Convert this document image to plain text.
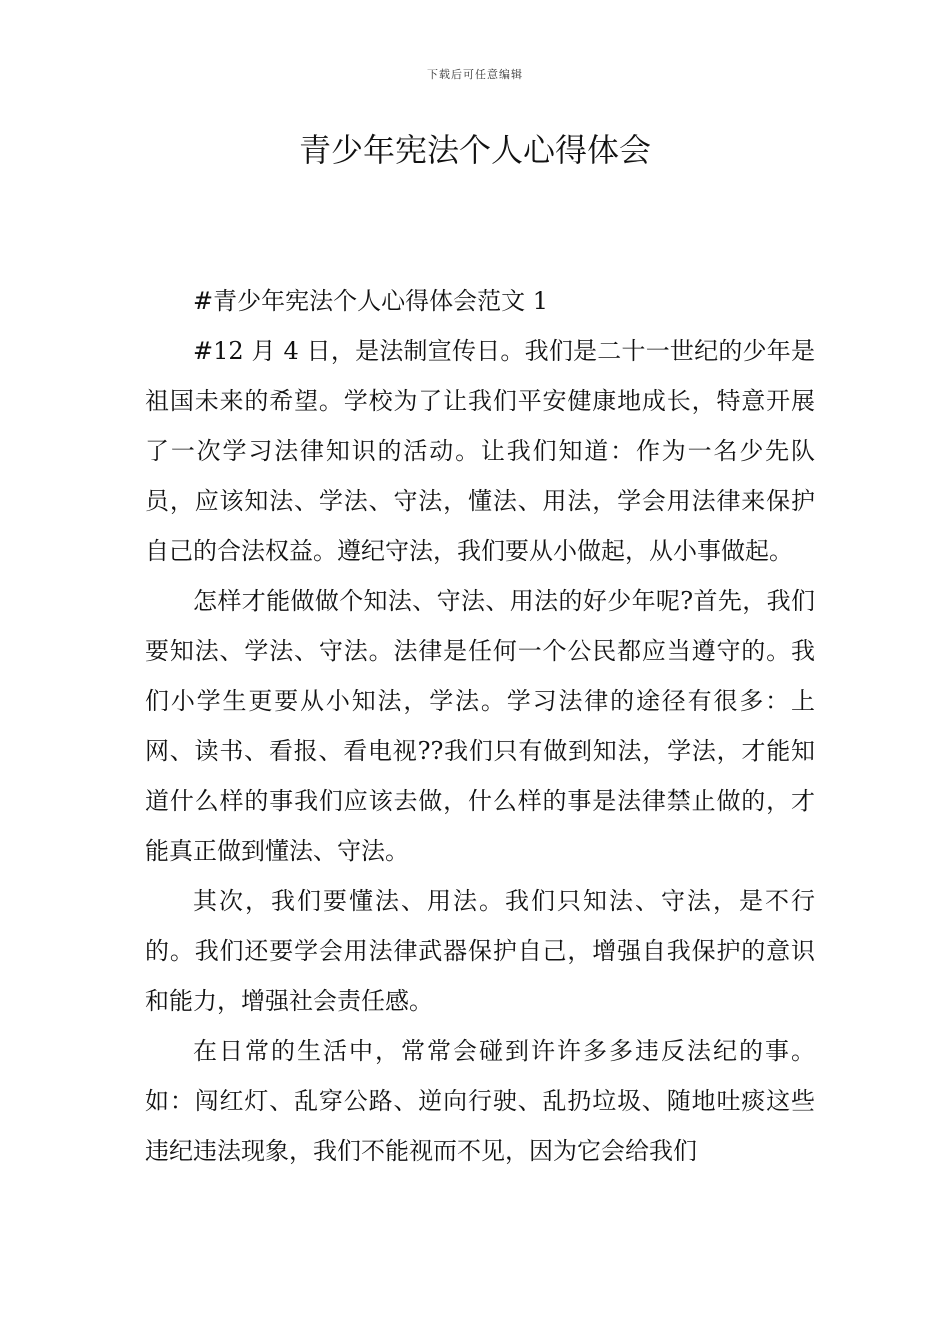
下载后可任意编辑
青少年宪法个人心得体会

#青少年宪法个人心得体会范文 1

#12 月 4 日，是法制宣传日。我们是二十一世纪的少年是祖国未来的希望。学校为了让我们平安健康地成长，特意开展了一次学习法律知识的活动。让我们知道：作为一名少先队员，应该知法、学法、守法，懂法、用法，学会用法律来保护自己的合法权益。遵纪守法，我们要从小做起，从小事做起。

怎样才能做做个知法、守法、用法的好少年呢?首先，我们要知法、学法、守法。法律是任何一个公民都应当遵守的。我们小学生更要从小知法，学法。学习法律的途径有很多：上网、读书、看报、看电视??我们只有做到知法，学法，才能知道什么样的事我们应该去做，什么样的事是法律禁止做的，才能真正做到懂法、守法。

其次，我们要懂法、用法。我们只知法、守法，是不行的。我们还要学会用法律武器保护自己，增强自我保护的意识和能力，增强社会责任感。

在日常的生活中，常常会碰到许许多多违反法纪的事。如：闯红灯、乱穿公路、逆向行驶、乱扔垃圾、随地吐痰这些违纪违法现象，我们不能视而不见，因为它会给我们
